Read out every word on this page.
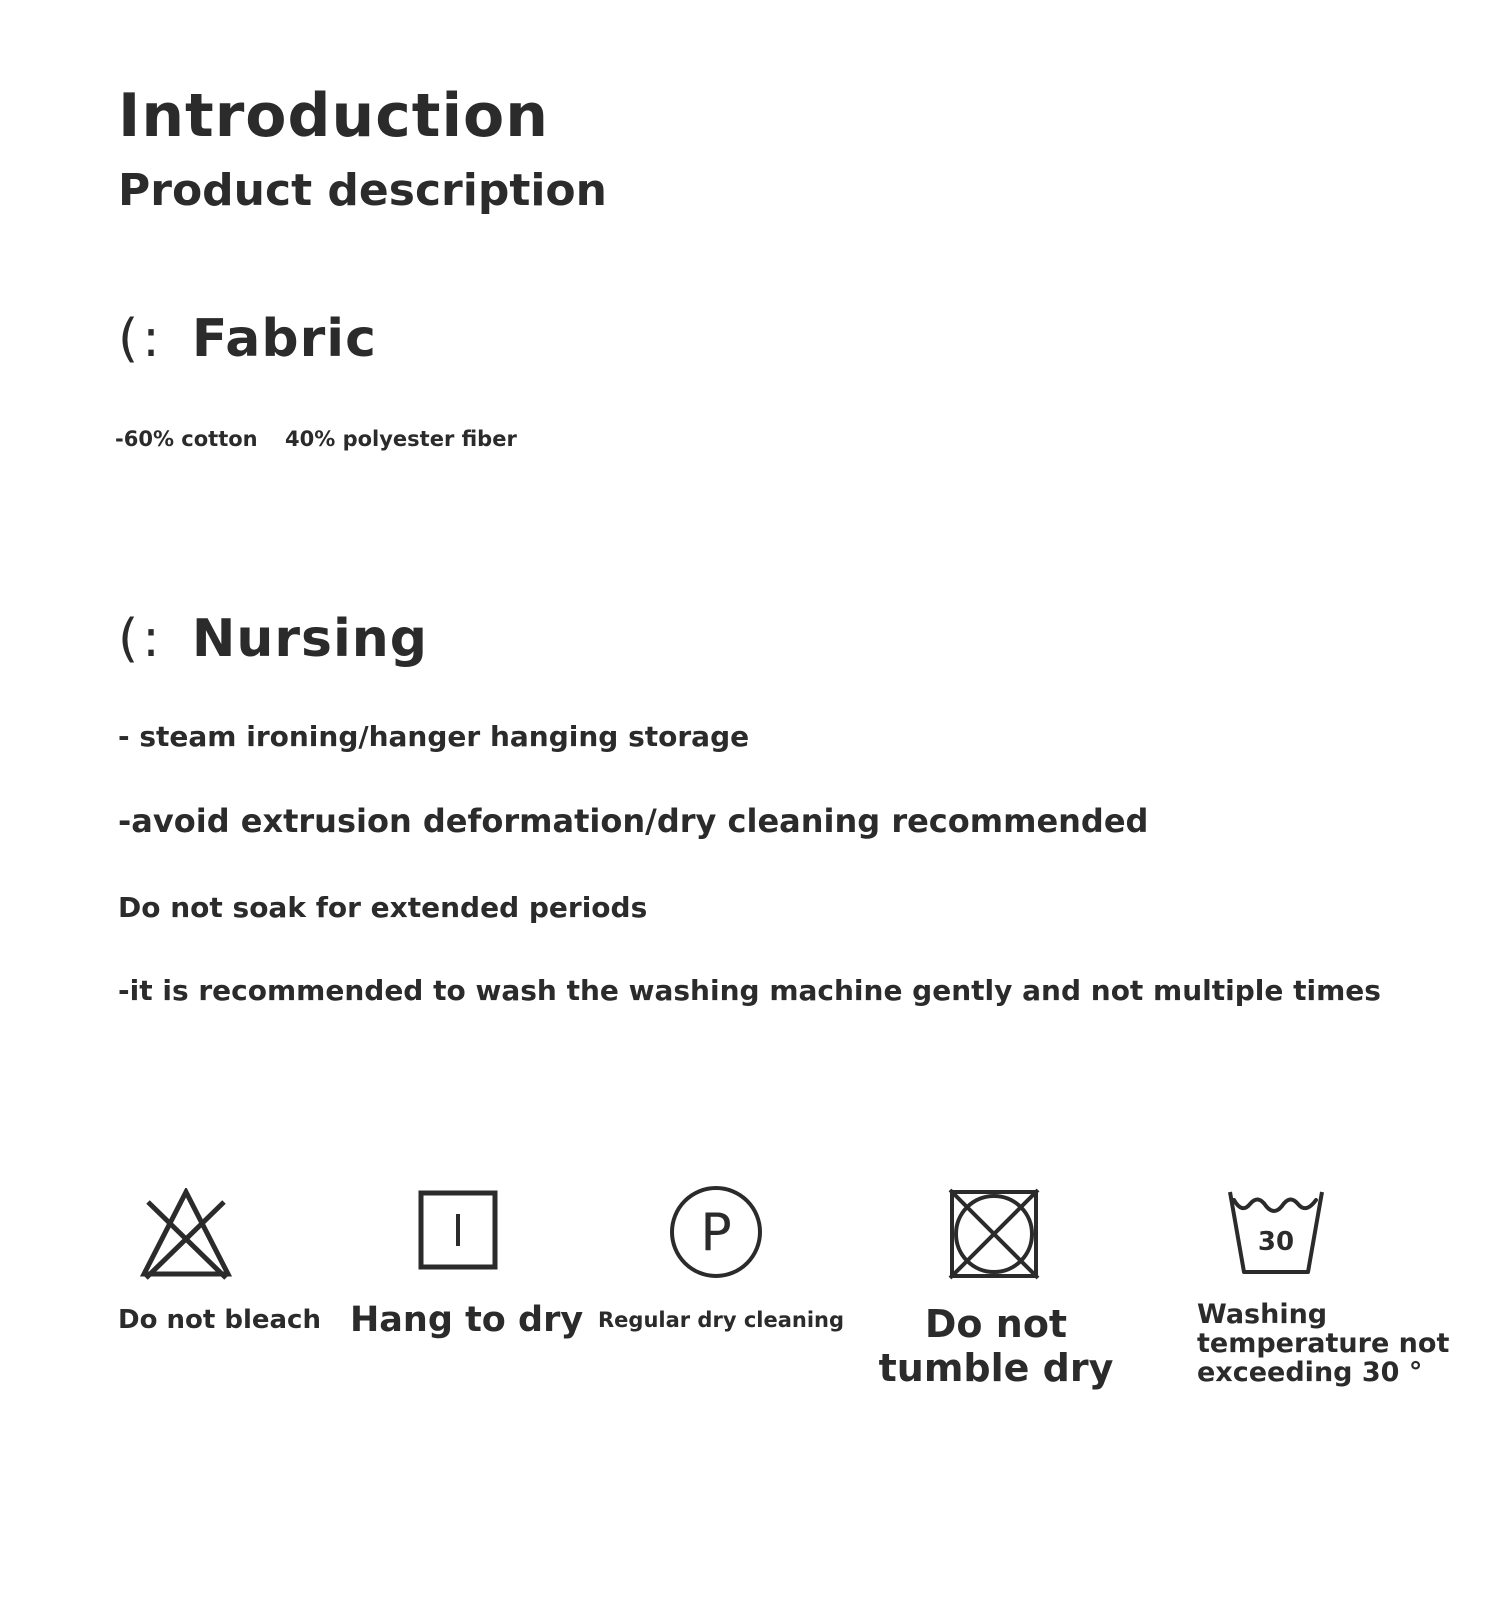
Introduction
Product description
(: Fabric
-60% cotton 40% polyester fiber
(: Nursing
- steam ironing/hanger hanging storage
-avoid extrusion deformation/dry cleaning recommended
Do not soak for extended periods
-it is recommended to wash the washing machine gently and not multiple times
Do not bleach Hang to dry
P
Regular dry cleaning	Do not
tumble dry
30
Washing
temperature not
exceeding 30 °
